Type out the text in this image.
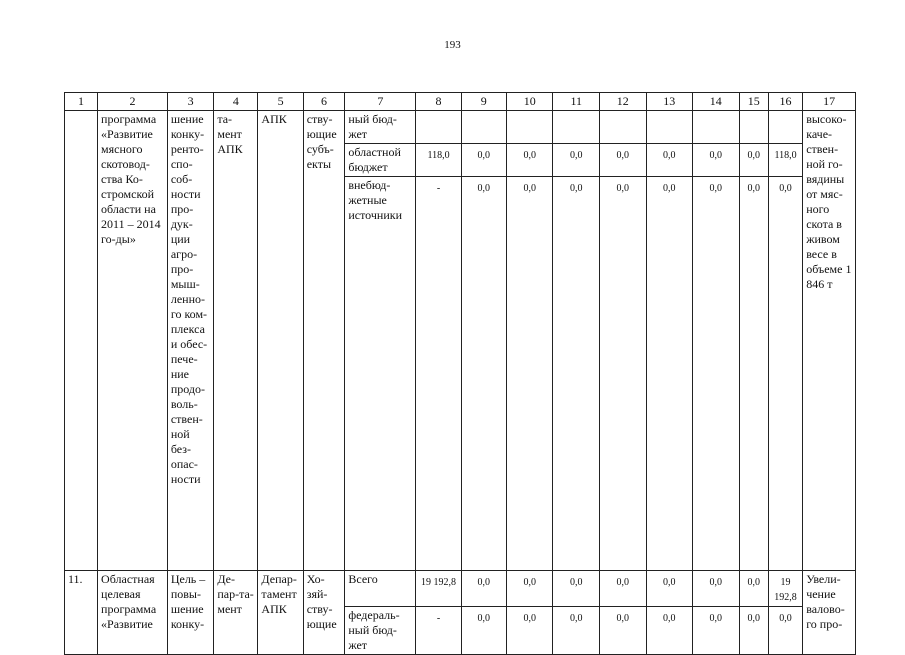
193
1	2	3	4	5	6	7	8	9	10	11	12	13	14	15	16	17
	программа «Развитие мясного скотовод-ства Ко-стромской области на 2011 – 2014 го-ды»	шение конку-ренто-спо-соб-ности про-дук-ции агро-про-мыш-ленно-го ком-плекса и обес-пече-ние продо-воль-ствен-ной без-опас-ности	та-мент АПК	АПК	ству-ющие субъ-екты	ный бюд-жет										высоко-каче-ствен-ной го-вядины от мяс-ного скота в живом весе в объеме 1 846 т
						областной бюджет	118,0	0,0	0,0	0,0	0,0	0,0	0,0	0,0	118,0	
						внебюд-жетные источники	-	0,0	0,0	0,0	0,0	0,0	0,0	0,0	0,0	
11.	Областная целевая программа «Развитие	Цель – повы-шение конку-	Де-пар-та-мент	Депар-тамент АПК	Хо-зяй-ству-ющие	Всего	19 192,8	0,0	0,0	0,0	0,0	0,0	0,0	0,0	19 192,8	Увели-чение валово-го про-
						федераль-ный бюд-жет	-	0,0	0,0	0,0	0,0	0,0	0,0	0,0	0,0	
